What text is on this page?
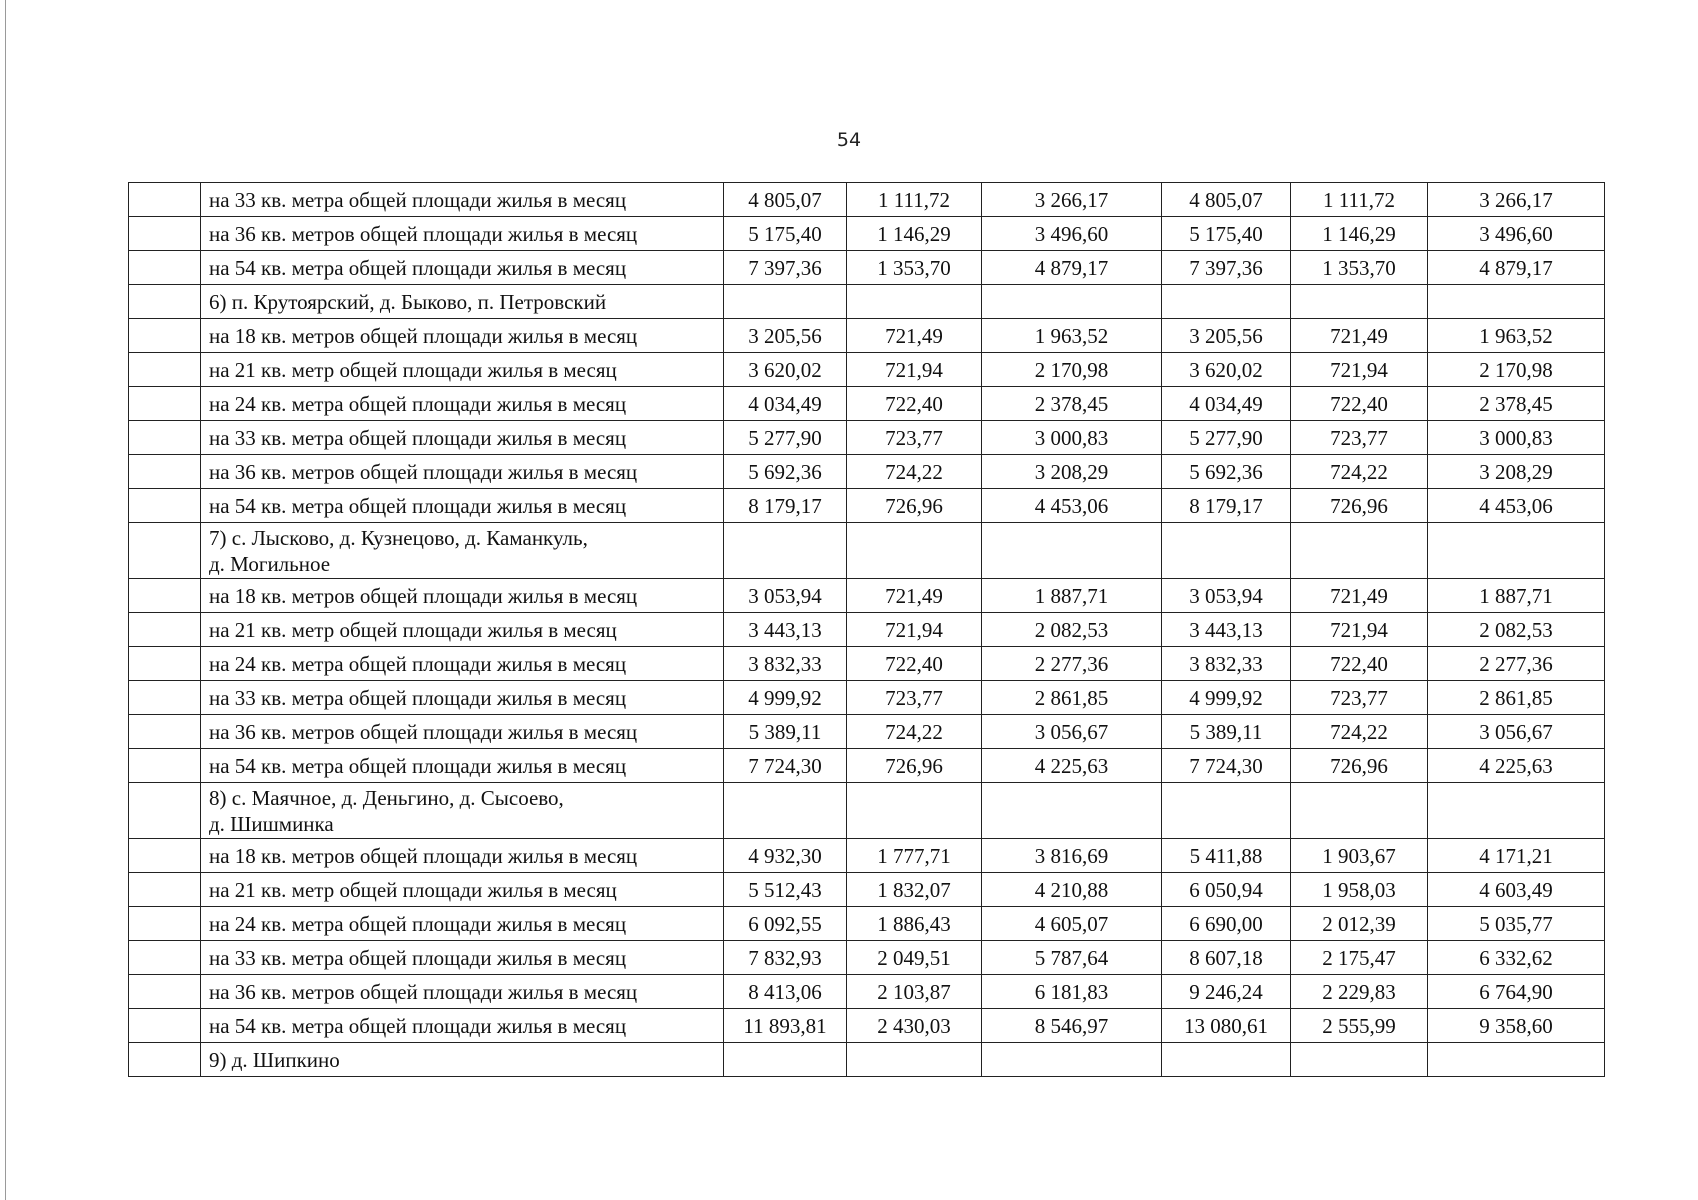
54
	на 33 кв. метра общей площади жилья в месяц	4 805,07	1 111,72	3 266,17	4 805,07	1 111,72	3 266,17
	на 36 кв. метров общей площади жилья в месяц	5 175,40	1 146,29	3 496,60	5 175,40	1 146,29	3 496,60
	на 54 кв. метра общей площади жилья в месяц	7 397,36	1 353,70	4 879,17	7 397,36	1 353,70	4 879,17

	6) п. Крутоярский, д. Быково, п. Петровский						

	на 18 кв. метров общей площади жилья в месяц	3 205,56	721,49	1 963,52	3 205,56	721,49	1 963,52
	на 21 кв. метр общей площади жилья в месяц	3 620,02	721,94	2 170,98	3 620,02	721,94	2 170,98
	на 24 кв. метра общей площади жилья в месяц	4 034,49	722,40	2 378,45	4 034,49	722,40	2 378,45
	на 33 кв. метра общей площади жилья в месяц	5 277,90	723,77	3 000,83	5 277,90	723,77	3 000,83
	на 36 кв. метров общей площади жилья в месяц	5 692,36	724,22	3 208,29	5 692,36	724,22	3 208,29
	на 54 кв. метра общей площади жилья в месяц	8 179,17	726,96	4 453,06	8 179,17	726,96	4 453,06

	7) с. Лысково, д. Кузнецово, д. Каманкуль,
д. Могильное						

	на 18 кв. метров общей площади жилья в месяц	3 053,94	721,49	1 887,71	3 053,94	721,49	1 887,71
	на 21 кв. метр общей площади жилья в месяц	3 443,13	721,94	2 082,53	3 443,13	721,94	2 082,53
	на 24 кв. метра общей площади жилья в месяц	3 832,33	722,40	2 277,36	3 832,33	722,40	2 277,36
	на 33 кв. метра общей площади жилья в месяц	4 999,92	723,77	2 861,85	4 999,92	723,77	2 861,85
	на 36 кв. метров общей площади жилья в месяц	5 389,11	724,22	3 056,67	5 389,11	724,22	3 056,67
	на 54 кв. метра общей площади жилья в месяц	7 724,30	726,96	4 225,63	7 724,30	726,96	4 225,63

	8) с. Маячное, д. Деньгино, д. Сысоево,
д. Шишминка						

	на 18 кв. метров общей площади жилья в месяц	4 932,30	1 777,71	3 816,69	5 411,88	1 903,67	4 171,21
	на 21 кв. метр общей площади жилья в месяц	5 512,43	1 832,07	4 210,88	6 050,94	1 958,03	4 603,49
	на 24 кв. метра общей площади жилья в месяц	6 092,55	1 886,43	4 605,07	6 690,00	2 012,39	5 035,77
	на 33 кв. метра общей площади жилья в месяц	7 832,93	2 049,51	5 787,64	8 607,18	2 175,47	6 332,62
	на 36 кв. метров общей площади жилья в месяц	8 413,06	2 103,87	6 181,83	9 246,24	2 229,83	6 764,90
	на 54 кв. метра общей площади жилья в месяц	11 893,81	2 430,03	8 546,97	13 080,61	2 555,99	9 358,60

	9) д. Шипкино						
